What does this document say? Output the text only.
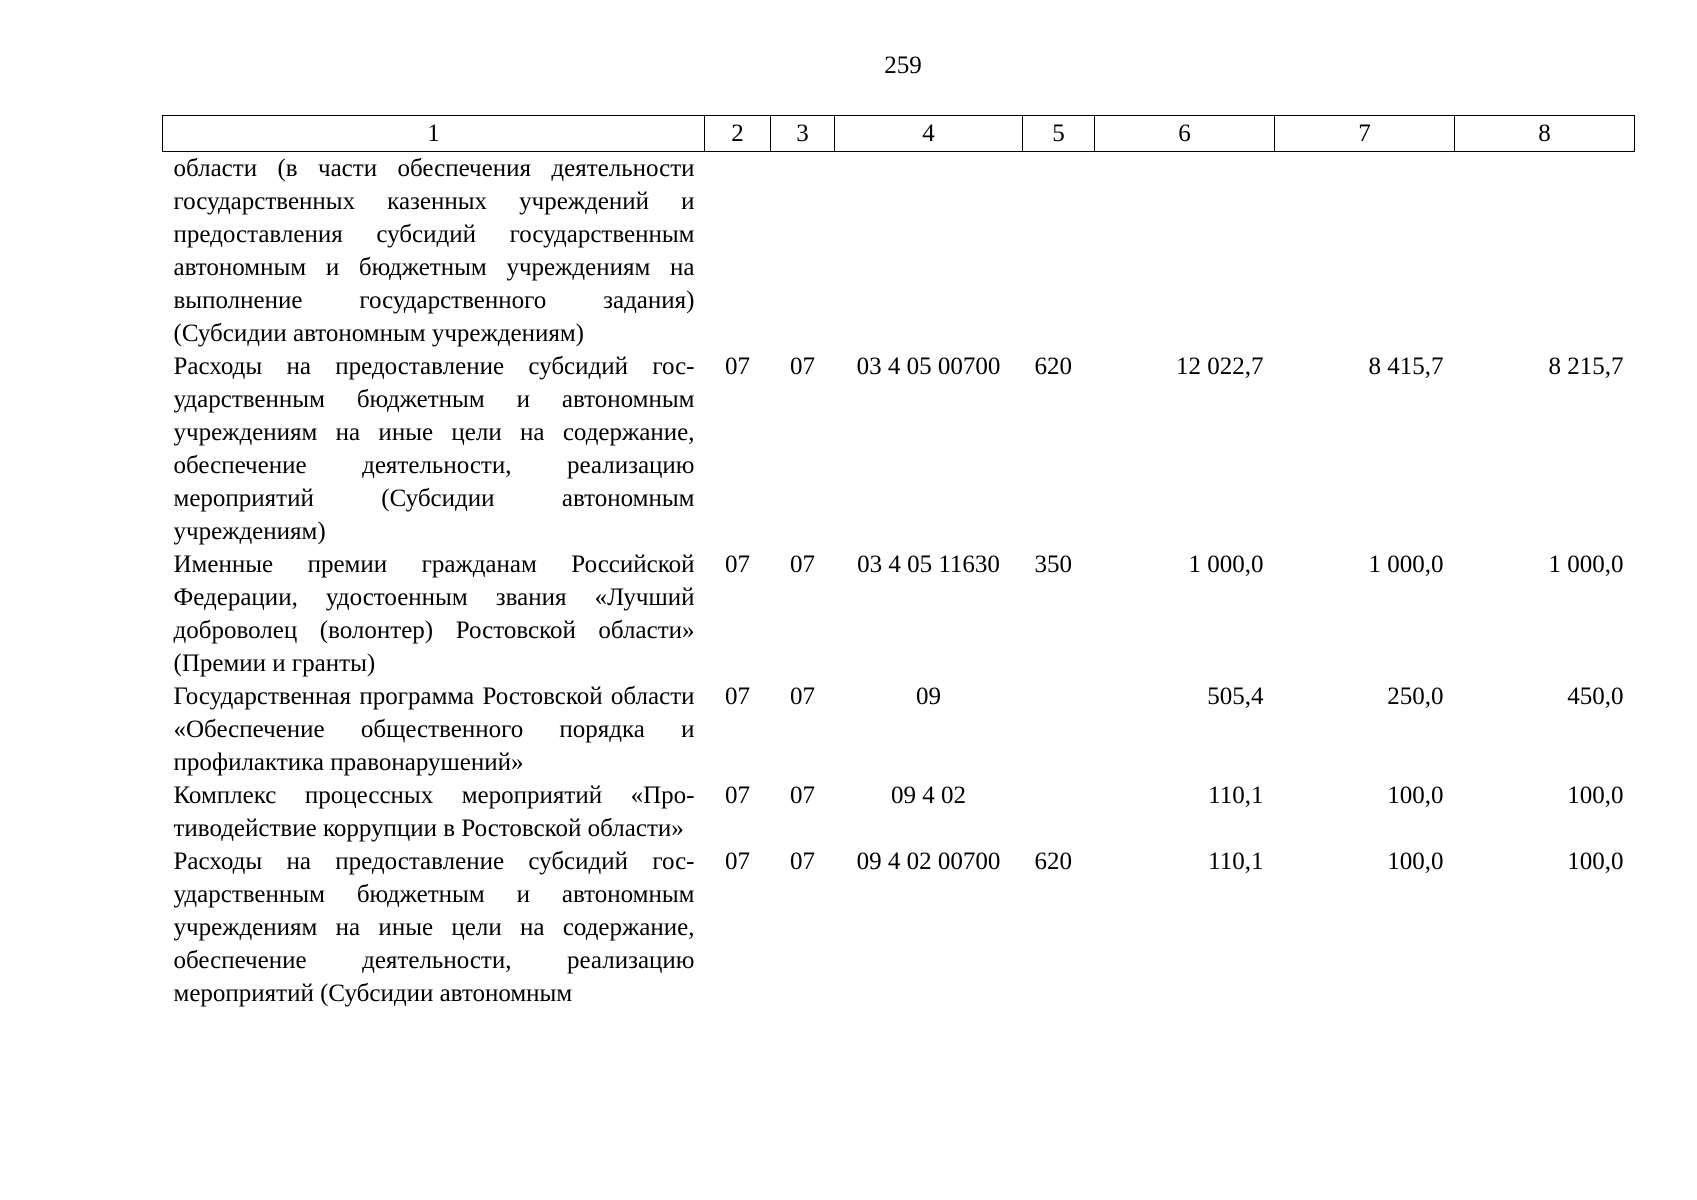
259
1	2	3	4	5	6	7	8
области (в части обеспечения деятельности государственных казенных учреждений и предоставления субсидий государственным автономным и бюджетным учреждениям на выполнение государственного задания) (Субсидии автономным учреждениям)							
Расходы на предоставление субсидий государственным бюджетным и автономным учреждениям на иные цели на содержание, обеспечение деятельности, реализацию мероприятий (Субсидии автономным учреждениям)	07	07	03 4 05 00700	620	12 022,7	8 415,7	8 215,7
Именные премии гражданам Российской Федерации, удостоенным звания «Лучший доброволец (волонтер) Ростовской области» (Премии и гранты)	07	07	03 4 05 11630	350	1 000,0	1 000,0	1 000,0
Государственная программа Ростовской области «Обеспечение общественного порядка и профилактика правонарушений»	07	07	09		505,4	250,0	450,0
Комплекс процессных мероприятий «Противодействие коррупции в Ростовской области»	07	07	09 4 02		110,1	100,0	100,0
Расходы на предоставление субсидий государственным бюджетным и автономным учреждениям на иные цели на содержание, обеспечение деятельности, реализацию мероприятий (Субсидии автономным	07	07	09 4 02 00700	620	110,1	100,0	100,0
